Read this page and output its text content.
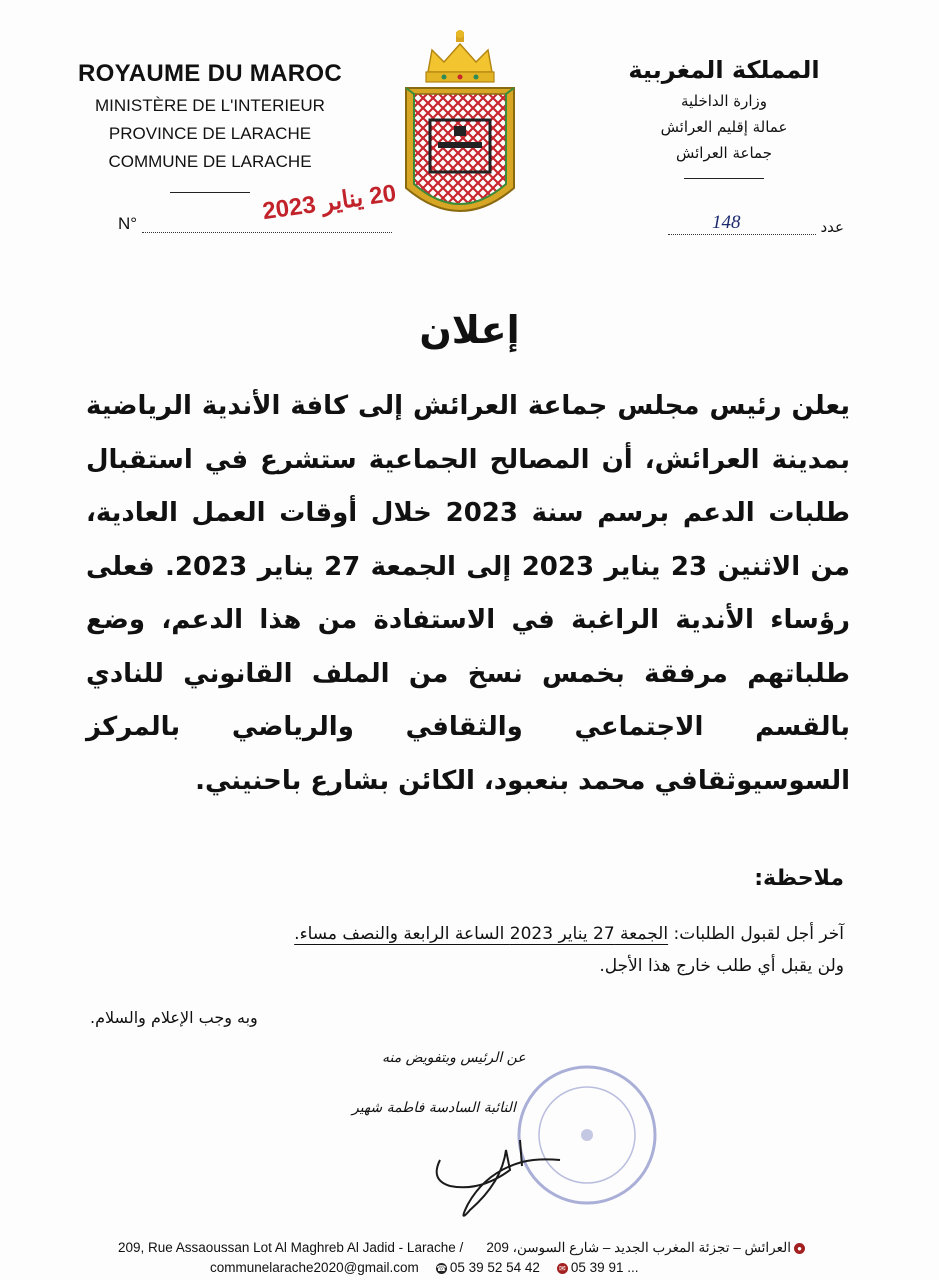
ROYAUME DU MAROC
MINISTÈRE DE L'INTERIEUR
PROVINCE DE LARACHE
COMMUNE DE LARACHE
N°	20 يناير 2023
المملكة المغربية
وزارة الداخلية
عمالة إقليم العرائش
جماعة العرائش
عدد
148
إعلان
يعلن رئيس مجلس جماعة العرائش إلى كافة الأندية الرياضية بمدينة العرائش، أن المصالح الجماعية ستشرع في استقبال طلبات الدعم برسم سنة 2023 خلال أوقات العمل العادية، من الاثنين 23 يناير 2023 إلى الجمعة 27 يناير 2023. فعلى رؤساء الأندية الراغبة في الاستفادة من هذا الدعم، وضع طلباتهم مرفقة بخمس نسخ من الملف القانوني للنادي بالقسم الاجتماعي والثقافي والرياضي بالمركز السوسيوثقافي محمد بنعبود، الكائن بشارع باحنيني.
ملاحظة:
آخر أجل لقبول الطلبات: الجمعة 27 يناير 2023 الساعة الرابعة والنصف مساء.
ولن يقبل أي طلب خارج هذا الأجل.
وبه وجب الإعلام والسلام.
عن الرئيس وبتفويض منه
النائبة السادسة فاطمة شهير
209, Rue Assaoussan Lot Al Maghreb Al Jadid - Larache /	●العرائش – تجزئة المغرب الجديد – شارع السوسن، 209
communelarache2020@gmail.com	☎ 05 39 52 54 42	✉ 05 39 91 ...
